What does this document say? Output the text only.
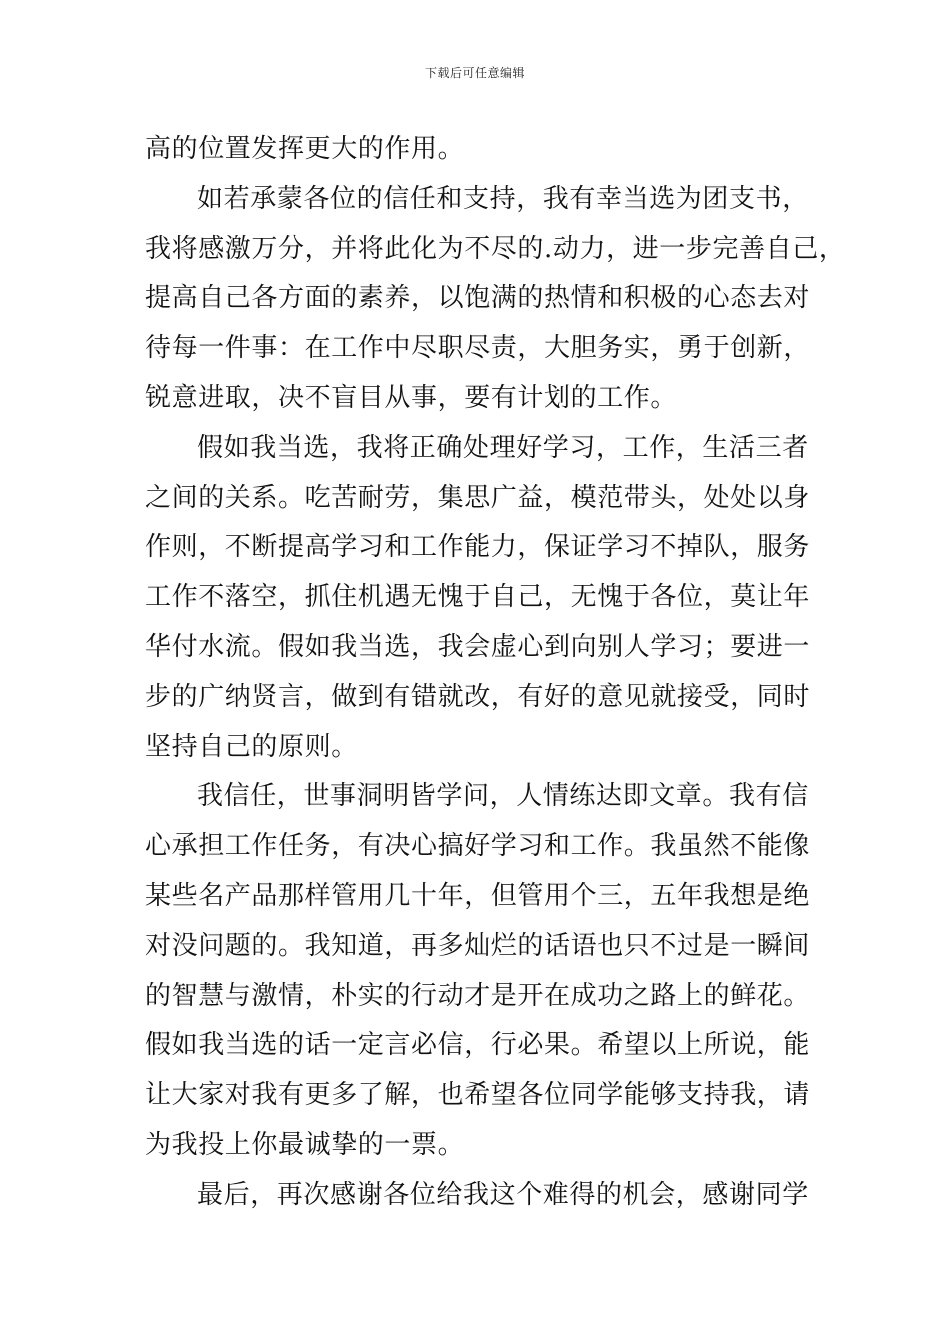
下载后可任意编辑
高的位置发挥更大的作用。
如若承蒙各位的信任和支持，我有幸当选为团支书，
我将感激万分，并将此化为不尽的.动力，进一步完善自己，
提高自己各方面的素养，以饱满的热情和积极的心态去对
待每一件事：在工作中尽职尽责，大胆务实，勇于创新，
锐意进取，决不盲目从事，要有计划的工作。
假如我当选，我将正确处理好学习，工作，生活三者
之间的关系。吃苦耐劳，集思广益，模范带头，处处以身
作则，不断提高学习和工作能力，保证学习不掉队，服务
工作不落空，抓住机遇无愧于自己，无愧于各位，莫让年
华付水流。假如我当选，我会虚心到向别人学习；要进一
步的广纳贤言，做到有错就改，有好的意见就接受，同时
坚持自己的原则。
我信任，世事洞明皆学问，人情练达即文章。我有信
心承担工作任务，有决心搞好学习和工作。我虽然不能像
某些名产品那样管用几十年，但管用个三，五年我想是绝
对没问题的。我知道，再多灿烂的话语也只不过是一瞬间
的智慧与激情，朴实的行动才是开在成功之路上的鲜花。
假如我当选的话一定言必信，行必果。希望以上所说，能
让大家对我有更多了解，也希望各位同学能够支持我，请
为我投上你最诚挚的一票。
最后，再次感谢各位给我这个难得的机会，感谢同学
